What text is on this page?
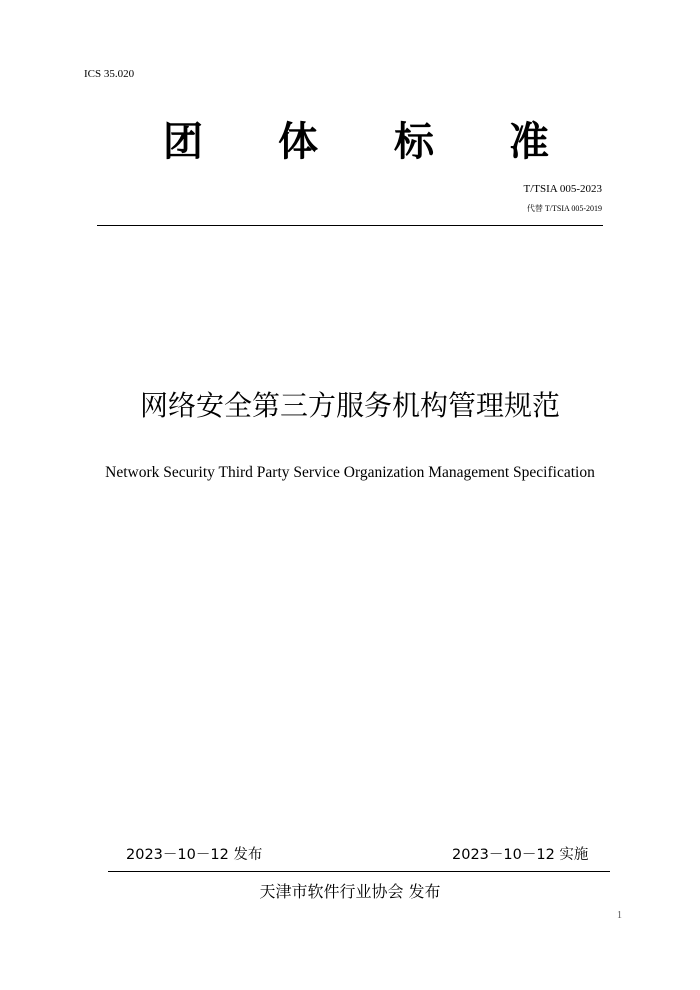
ICS 35.020
团 体 标 准
T/TSIA 005-2023
代替 T/TSIA 005-2019
网络安全第三方服务机构管理规范
Network Security Third Party Service Organization Management Specification
2023－10－12 发布	2023－10－12 实施
天津市软件行业协会 发布
1
